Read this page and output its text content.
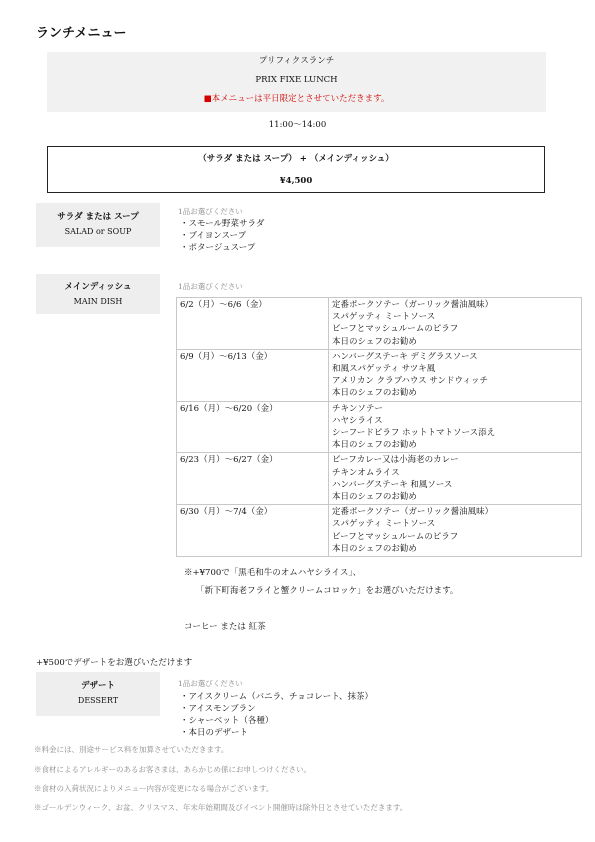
ランチメニュー
プリフィクスランチ
PRIX FIXE LUNCH
■本メニューは平日限定とさせていただきます。
11:00〜14:00
（サラダ または スープ） + （メインディッシュ）
¥4,500
サラダ または スープ
SALAD or SOUP
1品お選びください
・スモール野菜サラダ
・ブイヨンスープ
・ポタージュスープ
メインディッシュ
MAIN DISH
1品お選びください
6/2（月）〜6/6（金）	定番ポークソテー（ガーリック醤油風味）
スパゲッティ ミートソース
ビーフとマッシュルームのピラフ
本日のシェフのお勧め

6/9（月）〜6/13（金）	ハンバーグステーキ デミグラスソース
和風スパゲッティ サツキ風
アメリカン クラブハウス サンドウィッチ
本日のシェフのお勧め

6/16（月）〜6/20（金）	チキンソテー
ハヤシライス
シーフードピラフ ホットトマトソース添え
本日のシェフのお勧め

6/23（月）〜6/27（金）	ビーフカレー又は小海老のカレー
チキンオムライス
ハンバーグステーキ 和風ソース
本日のシェフのお勧め

6/30（月）〜7/4（金）	定番ポークソテー（ガーリック醤油風味）
スパゲッティ ミートソース
ビーフとマッシュルームのピラフ
本日のシェフのお勧め
※+¥700で「黒毛和牛のオムハヤシライス」、
「新下町海老フライと蟹クリームコロッケ」をお選びいただけます。
コーヒー または 紅茶
+¥500でデザートをお選びいただけます
デザート
DESSERT
1品お選びください
・アイスクリーム（バニラ、チョコレート、抹茶）
・アイスモンブラン
・シャーベット（各種）
・本日のデザート
※料金には、別途サービス料を加算させていただきます。
※食材によるアレルギーのあるお客さまは、あらかじめ係にお申しつけください。
※食材の入荷状況によりメニュー内容が変更になる場合がございます。
※ゴールデンウィーク、お盆、クリスマス、年末年始期間及びイベント開催時は除外日とさせていただきます。
